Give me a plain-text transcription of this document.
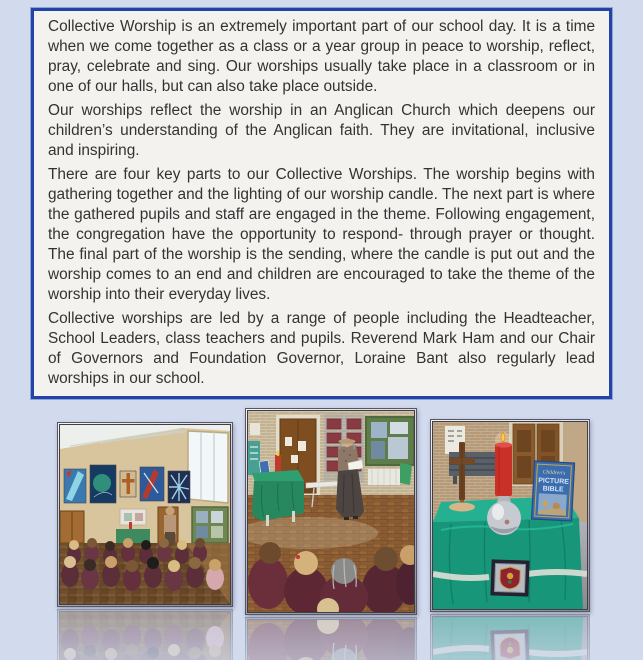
Collective Worship is an extremely important part of our school day. It is a time when we come together as a class or a year group in peace to worship, reflect, pray, celebrate and sing. Our worships usually take place in a classroom or in one of our halls, but can also take place outside.

Our worships reflect the worship in an Anglican Church which deepens our children’s understanding of the Anglican faith. They are invitational, inclusive and inspiring.

There are four key parts to our Collective Worships. The worship begins with gathering together and the lighting of our worship candle. The next part is where the gathered pupils and staff are engaged in the theme. Following engagement, the congregation have the opportunity to respond- through prayer or thought. The final part of the worship is the sending, where the candle is put out and the worship comes to an end and children are encouraged to take the theme of the worship into their everyday lives.

Collective worships are led by a range of people including the Headteacher, School Leaders, class teachers and pupils. Reverend Mark Ham and our Chair of Governors and Foundation Governor, Loraine Bant also regularly lead worships in our school.

Children's
PICTURE
BIBLE
